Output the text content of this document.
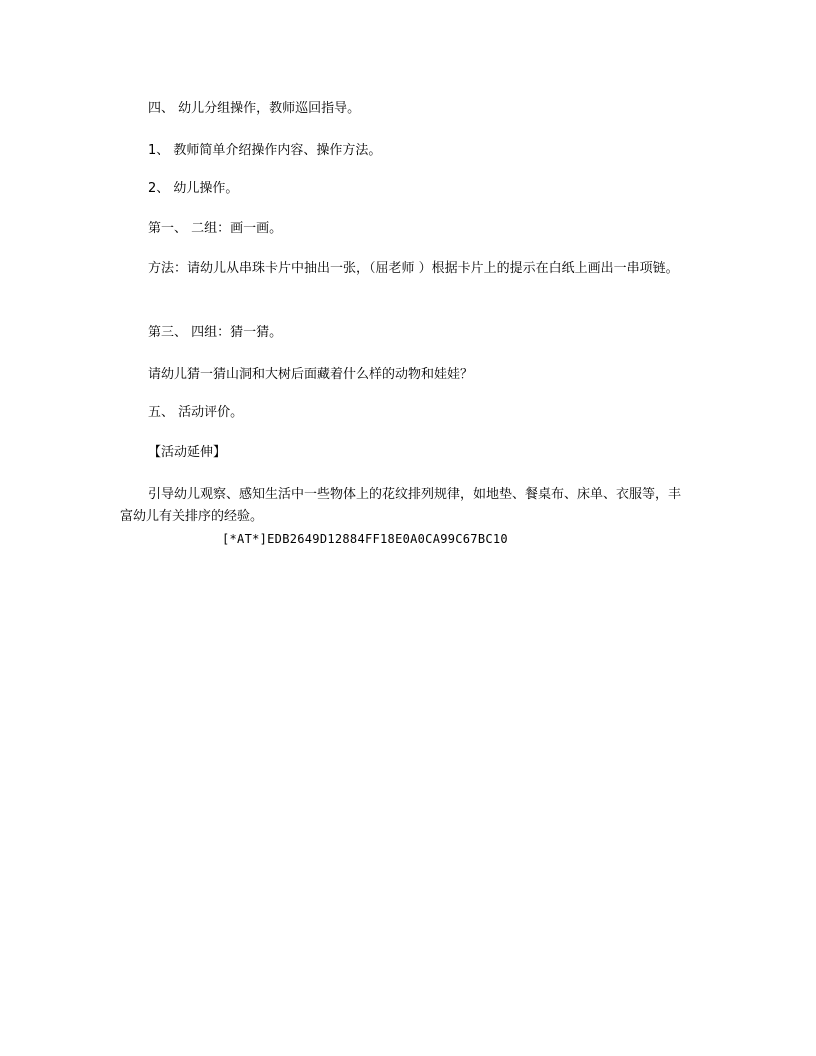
四、 幼儿分组操作，教师巡回指导。
1、 教师简单介绍操作内容、操作方法。
2、 幼儿操作。
第一、 二组：画一画。
方法：请幼儿从串珠卡片中抽出一张，（屈老师 ）根据卡片上的提示在白纸上画出一串项链。
第三、 四组：猜一猜。
请幼儿猜一猜山洞和大树后面藏着什么样的动物和娃娃？
五、 活动评价。
【活动延伸】
引导幼儿观察、感知生活中一些物体上的花纹排列规律，如地垫、餐桌布、床单、衣服等，丰富幼儿有关排序的经验。
[*AT*]EDB2649D12884FF18E0A0CA99C67BC10
